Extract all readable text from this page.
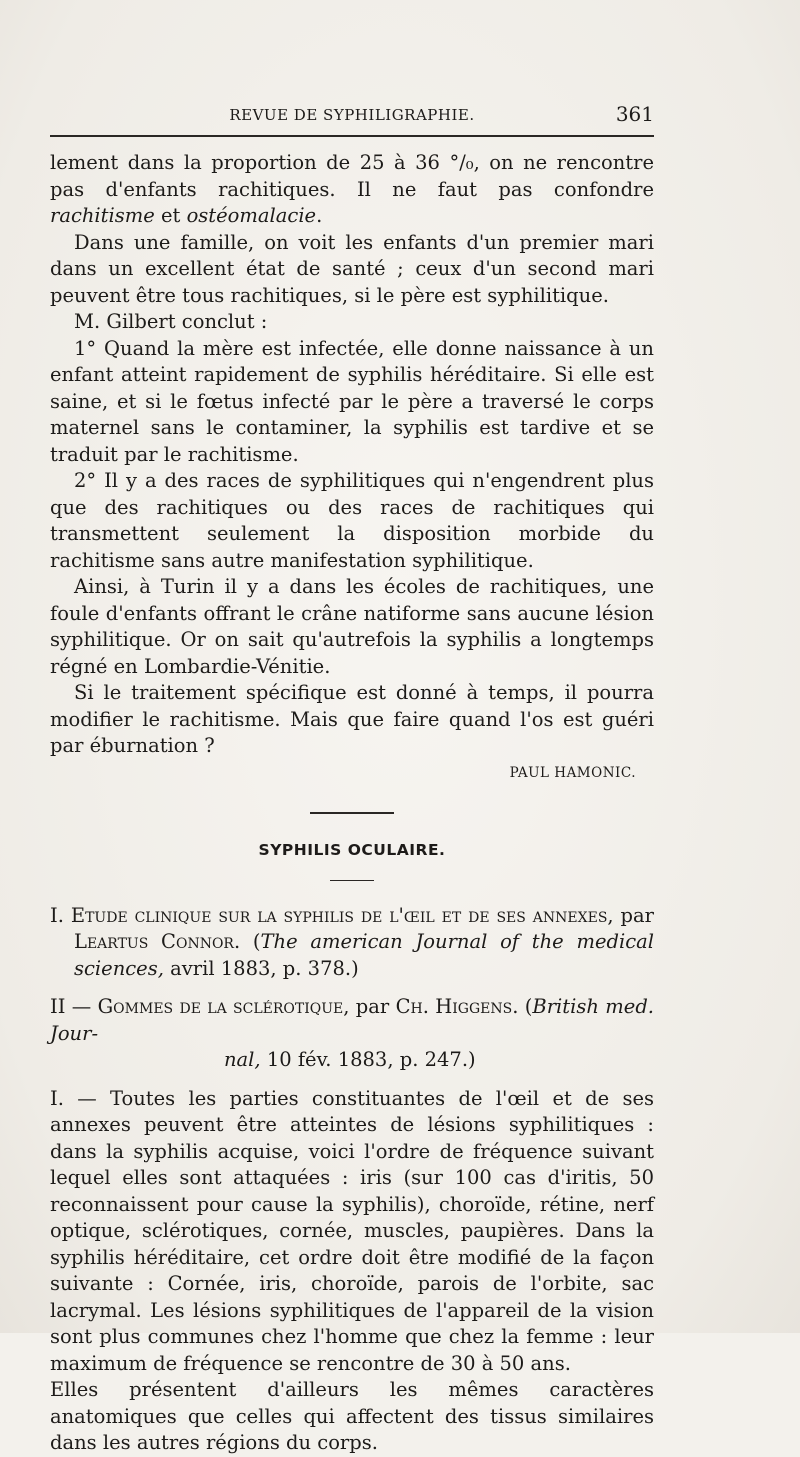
REVUE DE SYPHILIGRAPHIE.	361

lement dans la proportion de 25 à 36 °/₀, on ne rencontre pas d'enfants rachitiques. Il ne faut pas confondre rachitisme et ostéomalacie.

Dans une famille, on voit les enfants d'un premier mari dans un excellent état de santé ; ceux d'un second mari peuvent être tous rachitiques, si le père est syphilitique.

M. Gilbert conclut :

1° Quand la mère est infectée, elle donne naissance à un enfant atteint rapidement de syphilis héréditaire. Si elle est saine, et si le fœtus infecté par le père a traversé le corps maternel sans le contaminer, la syphilis est tardive et se traduit par le rachitisme.

2° Il y a des races de syphilitiques qui n'engendrent plus que des rachitiques ou des races de rachitiques qui transmettent seulement la disposition morbide du rachitisme sans autre manifestation syphilitique.

Ainsi, à Turin il y a dans les écoles de rachitiques, une foule d'enfants offrant le crâne natiforme sans aucune lésion syphilitique. Or on sait qu'autrefois la syphilis a longtemps régné en Lombardie-Vénitie.

Si le traitement spécifique est donné à temps, il pourra modifier le rachitisme. Mais que faire quand l'os est guéri par éburnation ?

PAUL HAMONIC.

SYPHILIS OCULAIRE.

I. Etude clinique sur la syphilis de l'œil et de ses annexes, par Leartus Connor. (The american Journal of the medical sciences, avril 1883, p. 378.)

II — Gommes de la sclérotique, par Ch. Higgens. (British med. Jour-

nal, 10 fév. 1883, p. 247.)

I. — Toutes les parties constituantes de l'œil et de ses annexes peuvent être atteintes de lésions syphilitiques : dans la syphilis acquise, voici l'ordre de fréquence suivant lequel elles sont attaquées : iris (sur 100 cas d'iritis, 50 reconnaissent pour cause la syphilis), choroïde, rétine, nerf optique, sclérotiques, cornée, muscles, paupières. Dans la syphilis héréditaire, cet ordre doit être modifié de la façon suivante : Cornée, iris, choroïde, parois de l'orbite, sac lacrymal. Les lésions syphilitiques de l'appareil de la vision sont plus communes chez l'homme que chez la femme : leur maximum de fréquence se rencontre de 30 à 50 ans.

Elles présentent d'ailleurs les mêmes caractères anatomiques que celles qui affectent des tissus similaires dans les autres régions du corps.
